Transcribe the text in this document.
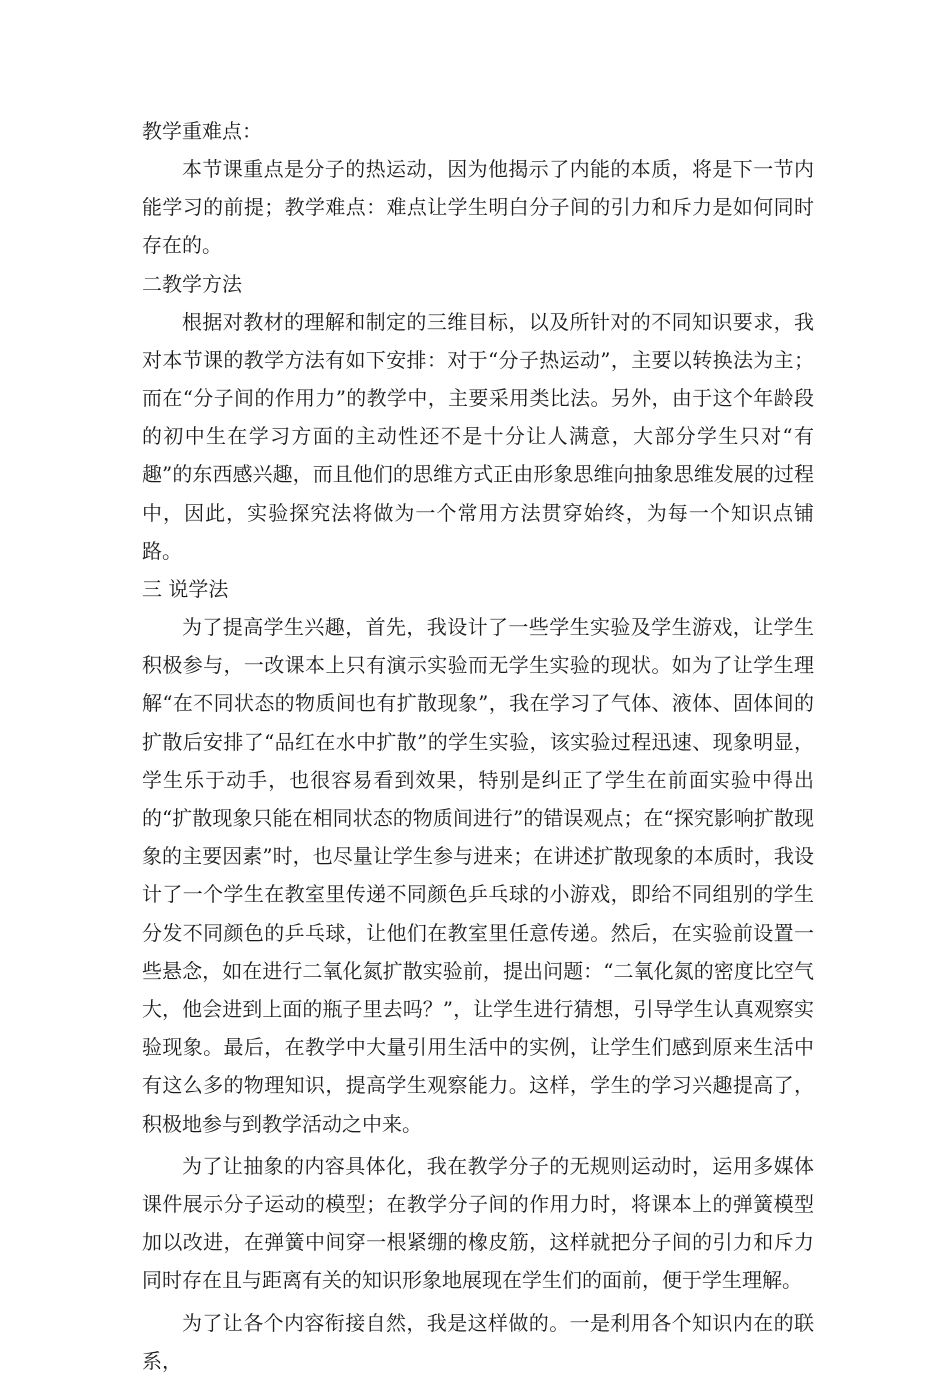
教学重难点：

本节课重点是分子的热运动，因为他揭示了内能的本质，将是下一节内能学习的前提；教学难点：难点让学生明白分子间的引力和斥力是如何同时存在的。

二教学方法

根据对教材的理解和制定的三维目标，以及所针对的不同知识要求，我对本节课的教学方法有如下安排：对于“分子热运动”，主要以转换法为主；而在“分子间的作用力”的教学中，主要采用类比法。另外，由于这个年龄段的初中生在学习方面的主动性还不是十分让人满意，大部分学生只对“有趣”的东西感兴趣，而且他们的思维方式正由形象思维向抽象思维发展的过程中，因此，实验探究法将做为一个常用方法贯穿始终，为每一个知识点铺路。

三 说学法

为了提高学生兴趣，首先，我设计了一些学生实验及学生游戏，让学生积极参与，一改课本上只有演示实验而无学生实验的现状。如为了让学生理解“在不同状态的物质间也有扩散现象”，我在学习了气体、液体、固体间的扩散后安排了“品红在水中扩散”的学生实验，该实验过程迅速、现象明显，学生乐于动手，也很容易看到效果，特别是纠正了学生在前面实验中得出的“扩散现象只能在相同状态的物质间进行”的错误观点；在“探究影响扩散现象的主要因素”时，也尽量让学生参与进来；在讲述扩散现象的本质时，我设计了一个学生在教室里传递不同颜色乒乓球的小游戏，即给不同组别的学生分发不同颜色的乒乓球，让他们在教室里任意传递。然后，在实验前设置一些悬念，如在进行二氧化氮扩散实验前，提出问题：“二氧化氮的密度比空气大，他会进到上面的瓶子里去吗？”，让学生进行猜想，引导学生认真观察实验现象。最后，在教学中大量引用生活中的实例，让学生们感到原来生活中有这么多的物理知识，提高学生观察能力。这样，学生的学习兴趣提高了，积极地参与到教学活动之中来。

为了让抽象的内容具体化，我在教学分子的无规则运动时，运用多媒体课件展示分子运动的模型；在教学分子间的作用力时，将课本上的弹簧模型加以改进，在弹簧中间穿一根紧绷的橡皮筋，这样就把分子间的引力和斥力同时存在且与距离有关的知识形象地展现在学生们的面前，便于学生理解。

为了让各个内容衔接自然，我是这样做的。一是利用各个知识内在的联系，
